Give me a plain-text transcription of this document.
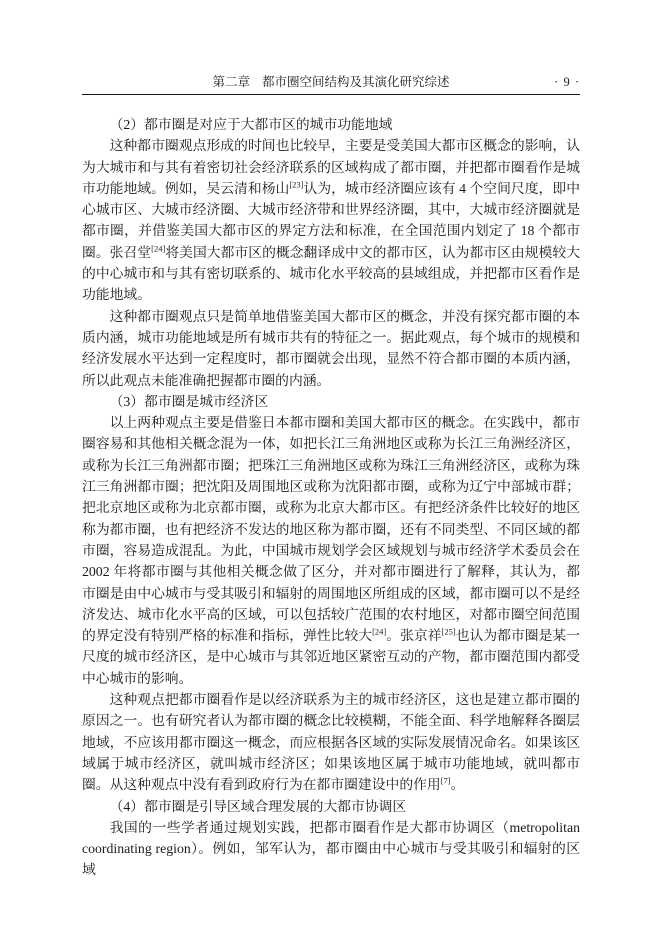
第二章 都市圈空间结构及其演化研究综述	· 9 ·

（2）都市圈是对应于大都市区的城市功能地域

这种都市圈观点形成的时间也比较早，主要是受美国大都市区概念的影响，认为大城市和与其有着密切社会经济联系的区域构成了都市圈，并把都市圈看作是城市功能地域。例如，吴云清和杨山[23]认为，城市经济圈应该有 4 个空间尺度，即中心城市区、大城市经济圈、大城市经济带和世界经济圈，其中，大城市经济圈就是都市圈，并借鉴美国大都市区的界定方法和标准，在全国范围内划定了 18 个都市圈。张召堂[24]将美国大都市区的概念翻译成中文的都市区，认为都市区由规模较大的中心城市和与其有密切联系的、城市化水平较高的县域组成，并把都市区看作是功能地域。

这种都市圈观点只是简单地借鉴美国大都市区的概念，并没有探究都市圈的本质内涵，城市功能地域是所有城市共有的特征之一。据此观点，每个城市的规模和经济发展水平达到一定程度时，都市圈就会出现，显然不符合都市圈的本质内涵，所以此观点未能准确把握都市圈的内涵。

（3）都市圈是城市经济区

以上两种观点主要是借鉴日本都市圈和美国大都市区的概念。在实践中，都市圈容易和其他相关概念混为一体，如把长江三角洲地区或称为长江三角洲经济区，或称为长江三角洲都市圈；把珠江三角洲地区或称为珠江三角洲经济区，或称为珠江三角洲都市圈；把沈阳及周围地区或称为沈阳都市圈，或称为辽宁中部城市群；把北京地区或称为北京都市圈，或称为北京大都市区。有把经济条件比较好的地区称为都市圈，也有把经济不发达的地区称为都市圈，还有不同类型、不同区域的都市圈，容易造成混乱。为此，中国城市规划学会区域规划与城市经济学术委员会在 2002 年将都市圈与其他相关概念做了区分，并对都市圈进行了解释，其认为，都市圈是由中心城市与受其吸引和辐射的周围地区所组成的区域，都市圈可以不是经济发达、城市化水平高的区域，可以包括较广范围的农村地区，对都市圈空间范围的界定没有特别严格的标准和指标，弹性比较大[24]。张京祥[25]也认为都市圈是某一尺度的城市经济区，是中心城市与其邻近地区紧密互动的产物，都市圈范围内都受中心城市的影响。

这种观点把都市圈看作是以经济联系为主的城市经济区，这也是建立都市圈的原因之一。也有研究者认为都市圈的概念比较模糊，不能全面、科学地解释各圈层地域，不应该用都市圈这一概念，而应根据各区域的实际发展情况命名。如果该区域属于城市经济区，就叫城市经济区；如果该地区属于城市功能地域，就叫都市圈。从这种观点中没有看到政府行为在都市圈建设中的作用[7]。

（4）都市圈是引导区域合理发展的大都市协调区

我国的一些学者通过规划实践，把都市圈看作是大都市协调区（metropolitan coordinating region）。例如，邹军认为，都市圈由中心城市与受其吸引和辐射的区域
